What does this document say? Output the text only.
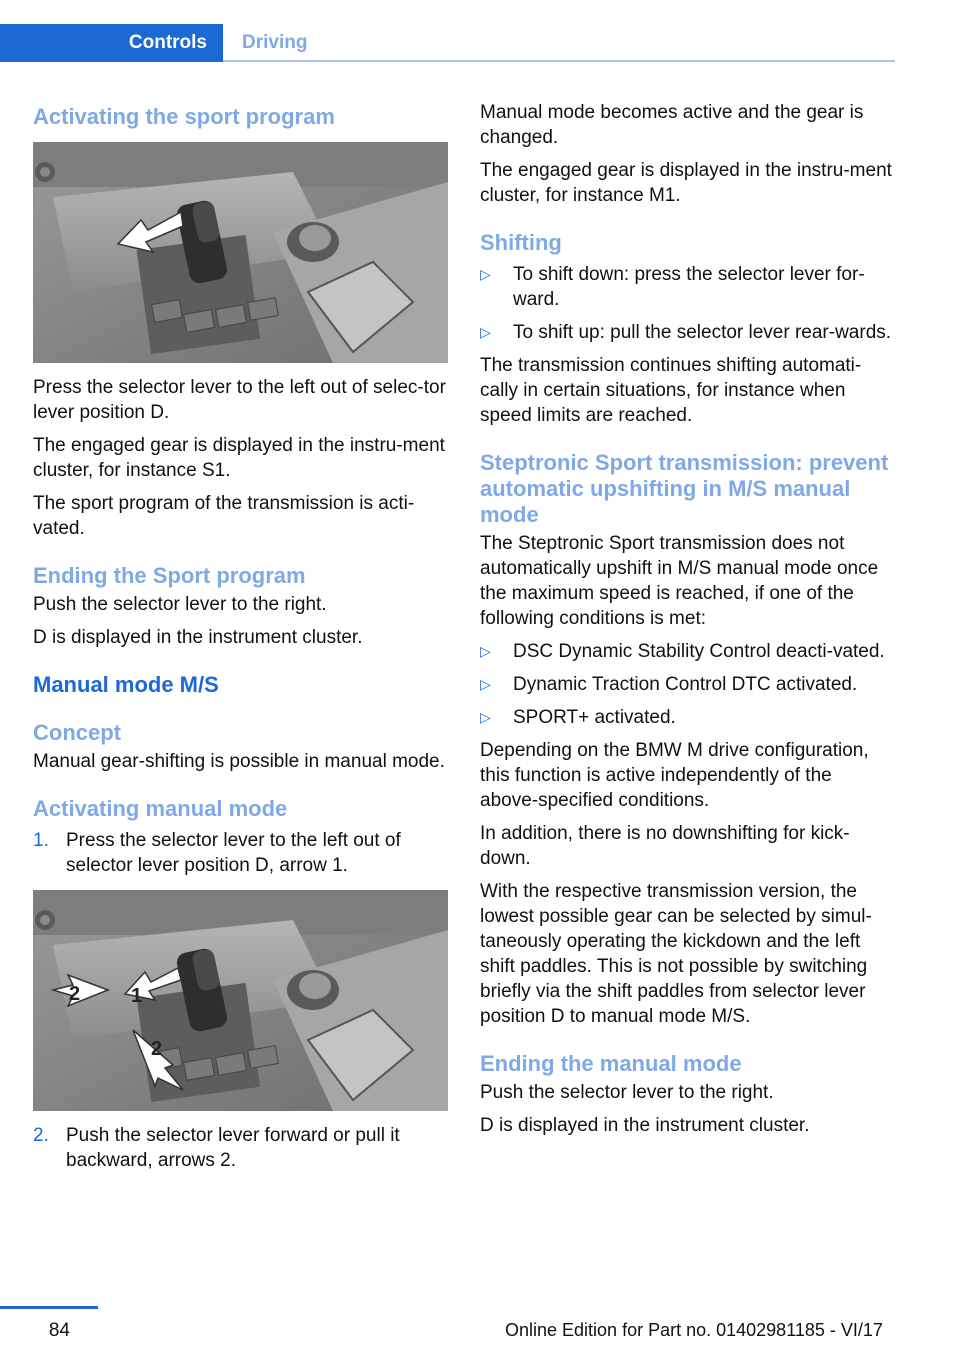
Controls Driving
Activating the sport program

Press the selector lever to the left out of selec‐tor lever position D.

The engaged gear is displayed in the instru‐ment cluster, for instance S1.

The sport program of the transmission is acti‐vated.

Ending the Sport program

Push the selector lever to the right.

D is displayed in the instrument cluster.

Manual mode M/S
Concept

Manual gear-shifting is possible in manual mode.

Activating manual mode
1. Press the selector lever to the left out of selector lever position D, arrow 1.
2	1
2
2. Push the selector lever forward or pull it backward, arrows 2.

Manual mode becomes active and the gear is changed.

The engaged gear is displayed in the instru‐ment cluster, for instance M1.

Shifting
▷ To shift down: press the selector lever for‐ward.
▷ To shift up: pull the selector lever rear‐wards.

The transmission continues shifting automati‐cally in certain situations, for instance when speed limits are reached.

Steptronic Sport transmission: prevent automatic upshifting in M/S manual mode

The Steptronic Sport transmission does not automatically upshift in M/S manual mode once the maximum speed is reached, if one of the following conditions is met:

▷ DSC Dynamic Stability Control deacti‐vated.
▷ Dynamic Traction Control DTC activated.
▷ SPORT+ activated.

Depending on the BMW M drive configuration, this function is active independently of the above-specified conditions.

In addition, there is no downshifting for kick‐down.

With the respective transmission version, the lowest possible gear can be selected by simul‐taneously operating the kickdown and the left shift paddles. This is not possible by switching briefly via the shift paddles from selector lever position D to manual mode M/S.

Ending the manual mode

Push the selector lever to the right.

D is displayed in the instrument cluster.

84	Online Edition for Part no. 01402981185 - VI/17
